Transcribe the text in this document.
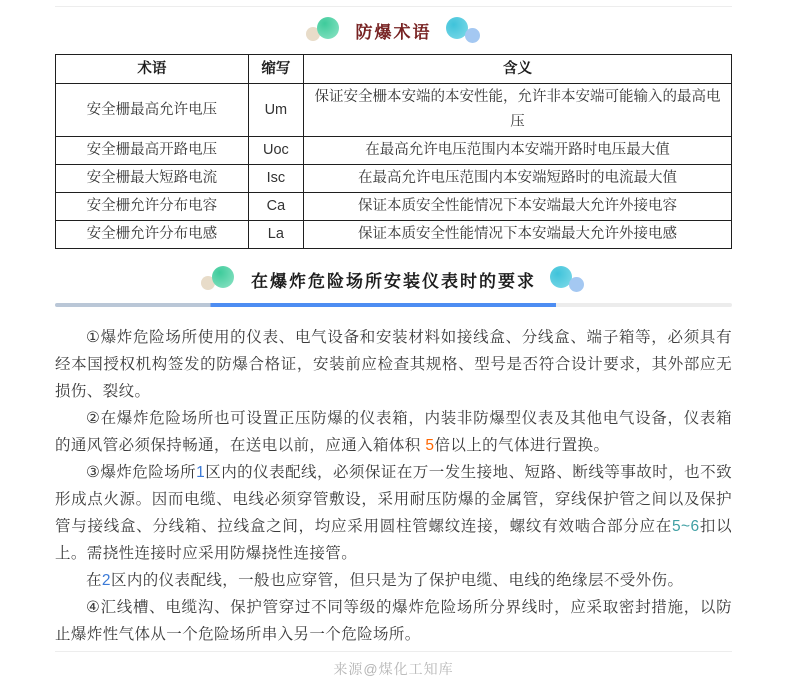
防爆术语
术语	缩写	含义
安全栅最高允许电压	Um	保证安全栅本安端的本安性能，允许非本安端可能输入的最高电压
安全栅最高开路电压	Uoc	在最高允许电压范围内本安端开路时电压最大值
安全栅最大短路电流	Isc	在最高允许电压范围内本安端短路时的电流最大值
安全栅允许分布电容	Ca	保证本质安全性能情况下本安端最大允许外接电容
安全栅允许分布电感	La	保证本质安全性能情况下本安端最大允许外接电感
在爆炸危险场所安装仪表时的要求

①爆炸危险场所使用的仪表、电气设备和安装材料如接线盒、分线盒、端子箱等，必须具有经本国授权机构签发的防爆合格证，安装前应检查其规格、型号是否符合设计要求，其外部应无损伤、裂纹。

②在爆炸危险场所也可设置正压防爆的仪表箱，内装非防爆型仪表及其他电气设备，仪表箱的通风管必须保持畅通，在送电以前，应通入箱体积 5倍以上的气体进行置换。

③爆炸危险场所1区内的仪表配线，必须保证在万一发生接地、短路、断线等事故时，也不致形成点火源。因而电缆、电线必须穿管敷设，采用耐压防爆的金属管，穿线保护管之间以及保护管与接线盒、分线箱、拉线盒之间，均应采用圆柱管螺纹连接，螺纹有效啮合部分应在5~6扣以上。需挠性连接时应采用防爆挠性连接管。

在2区内的仪表配线，一般也应穿管，但只是为了保护电缆、电线的绝缘层不受外伤。

④汇线槽、电缆沟、保护管穿过不同等级的爆炸危险场所分界线时，应采取密封措施，以防止爆炸性气体从一个危险场所串入另一个危险场所。

来源@煤化工知库
